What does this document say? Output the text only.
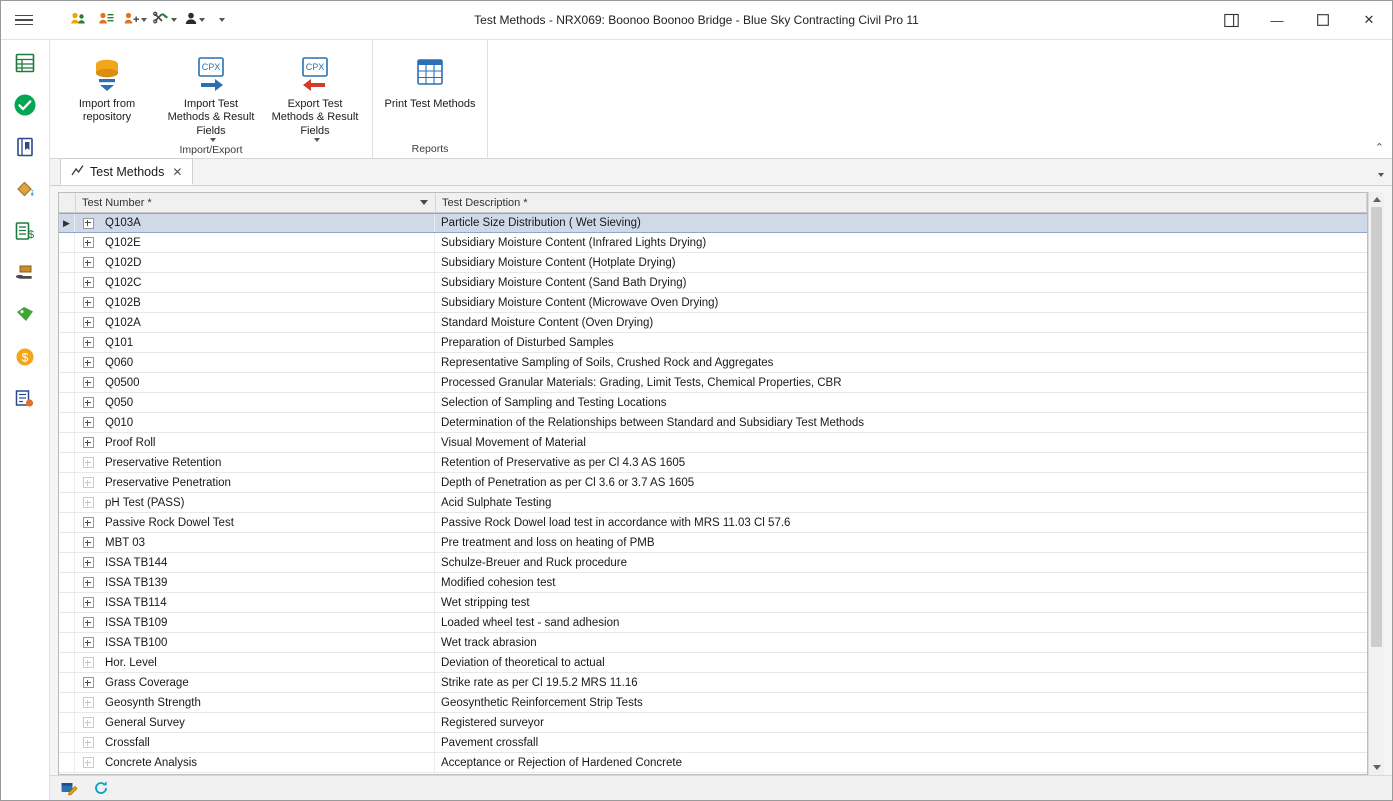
Test Methods - NRX069: Boonoo Boonoo Bridge - Blue Sky Contracting Civil Pro 11	—	✕
$
$
Import from repository
CPX
Import Test Methods & Result Fields
CPX
Export Test Methods & Result Fields
Import/Export
Print Test Methods
Reports	⌃
Test Methods ✕
Test Number *	Test Description *
▶	Q103A	Particle Size Distribution ( Wet Sieving)
Q102E	Subsidiary Moisture Content (Infrared Lights Drying)
Q102D	Subsidiary Moisture Content (Hotplate Drying)
Q102C	Subsidiary Moisture Content (Sand Bath Drying)
Q102B	Subsidiary Moisture Content (Microwave Oven Drying)
Q102A	Standard Moisture Content (Oven Drying)
Q101	Preparation of Disturbed Samples
Q060	Representative Sampling of Soils, Crushed Rock and Aggregates
Q0500	Processed Granular Materials: Grading, Limit Tests, Chemical Properties, CBR
Q050	Selection of Sampling and Testing Locations
Q010	Determination of the Relationships between Standard and Subsidiary Test Methods
Proof Roll	Visual Movement of Material
Preservative Retention	Retention of Preservative as per Cl 4.3 AS 1605
Preservative Penetration	Depth of Penetration as per Cl 3.6 or 3.7 AS 1605
pH Test (PASS)	Acid Sulphate Testing
Passive Rock Dowel Test	Passive Rock Dowel load test in accordance with MRS 11.03 Cl 57.6
MBT 03	Pre treatment and loss on heating of PMB
ISSA TB144	Schulze-Breuer and Ruck procedure
ISSA TB139	Modified cohesion test
ISSA TB114	Wet stripping test
ISSA TB109	Loaded wheel test - sand adhesion
ISSA TB100	Wet track abrasion
Hor. Level	Deviation of theoretical to actual
Grass Coverage	Strike rate as per Cl 19.5.2 MRS 11.16
Geosynth Strength	Geosynthetic Reinforcement Strip Tests
General Survey	Registered surveyor
Crossfall	Pavement crossfall
Concrete Analysis	Acceptance or Rejection of Hardened Concrete
